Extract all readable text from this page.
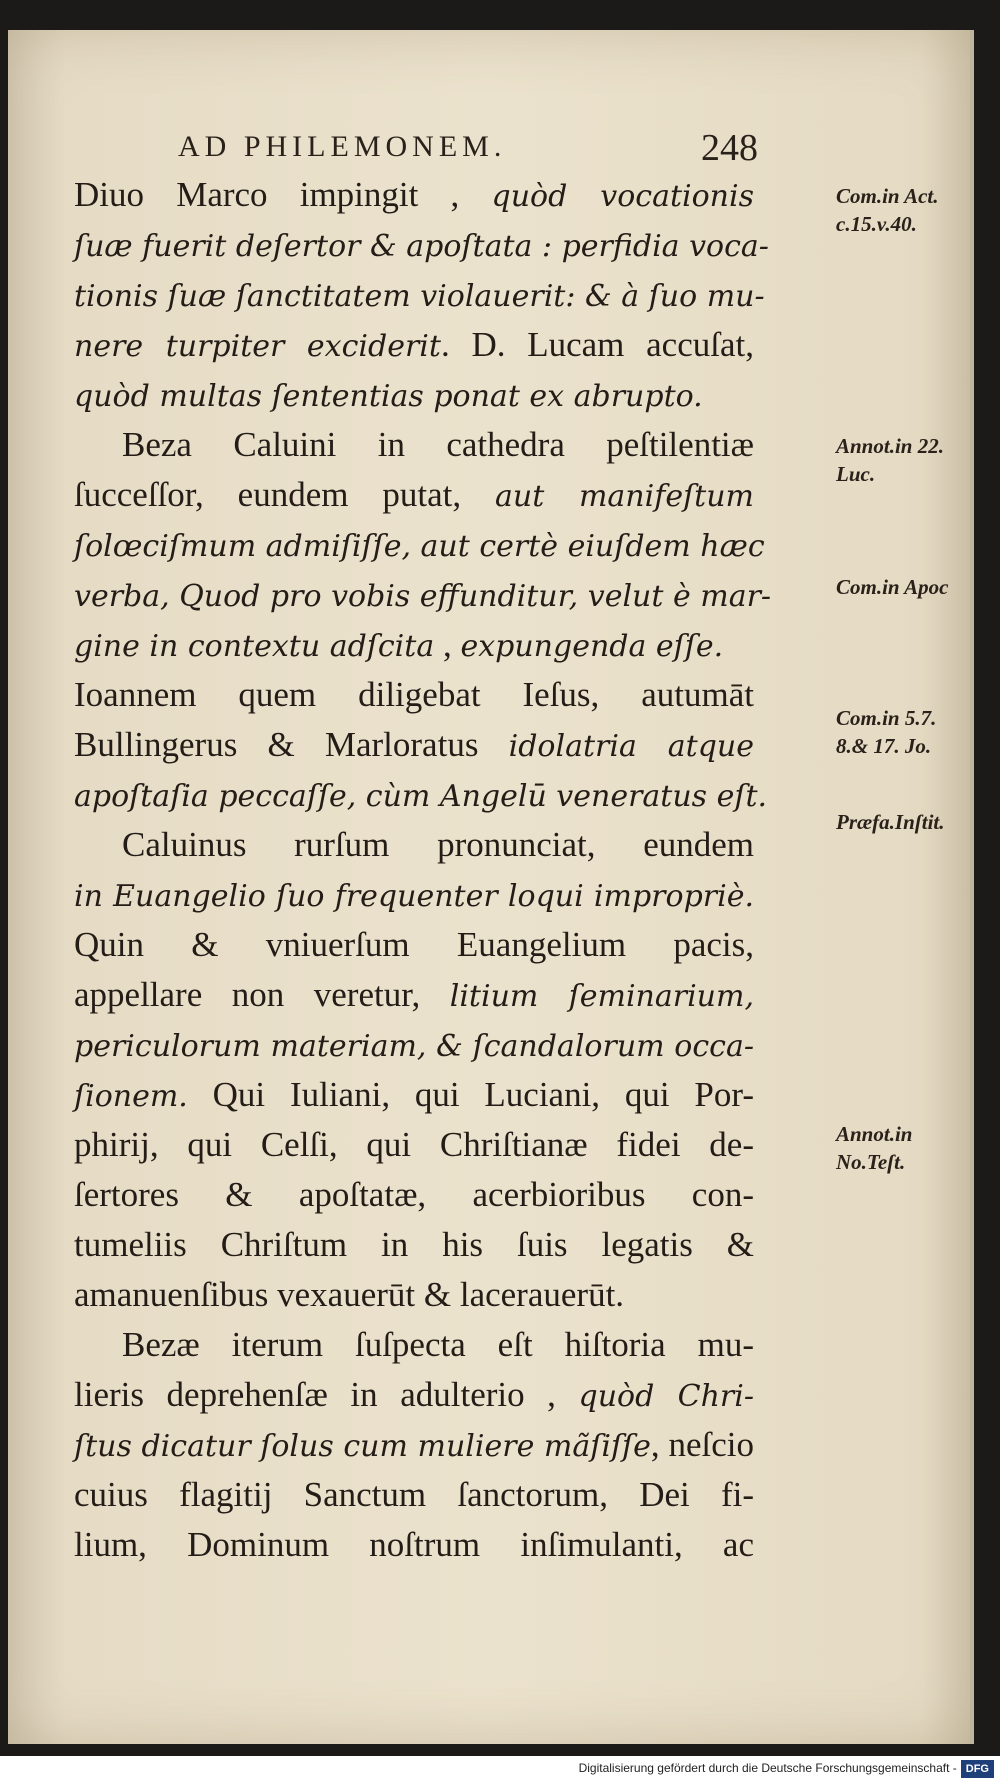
AD PHILEMONEM.	248
Diuo Marco impingit , quòd vocationis
ſuæ fuerit deſertor & apoſtata : perfidia voca-
tionis ſuæ ſanctitatem violauerit: & à ſuo mu-
nere turpiter exciderit. D. Lucam accuſat,
quòd multas ſententias ponat ex abrupto.
Beza Caluini in cathedra peſtilentiæ
ſucceſſor, eundem putat, aut manifeſtum
ſolœciſmum admiſiſſe, aut certè eiuſdem hæc
verba, Quod pro vobis effunditur, velut è mar-
gine in contextu adſcita , expungenda eſſe.
Ioannem quem diligebat Ieſus, autumāt
Bullingerus & Marloratus idolatria atque
apoſtaſia peccaſſe, cùm Angelū veneratus eſt.
Caluinus rurſum pronunciat, eundem
in Euangelio ſuo frequenter loqui impropriè.
Quin & vniuerſum Euangelium pacis,
appellare non veretur, litium ſeminarium,
periculorum materiam, & ſcandalorum occa-
ſionem. Qui Iuliani, qui Luciani, qui Por-
phirij, qui Celſi, qui Chriſtianæ fidei de-
ſertores & apoſtatæ, acerbioribus con-
tumeliis Chriſtum in his ſuis legatis &
amanuenſibus vexauerūt & lacerauerūt.
Bezæ iterum ſuſpecta eſt hiſtoria mu-
lieris deprehenſæ in adulterio , quòd Chri-
ſtus dicatur ſolus cum muliere mãſiſſe, neſcio
cuius flagitij Sanctum ſanctorum, Dei fi-
lium, Dominum noſtrum inſimulanti, ac
Com.in Act.
c.15.v.40.
Annot.in 22.
Luc.
Com.in Apoc
Com.in 5.7.
8.& 17. Jo.
Præfa.Inſtit.
Annot.in
No.Teſt.
Digitalisierung gefördert durch die Deutsche Forschungsgemeinschaft - DFG
